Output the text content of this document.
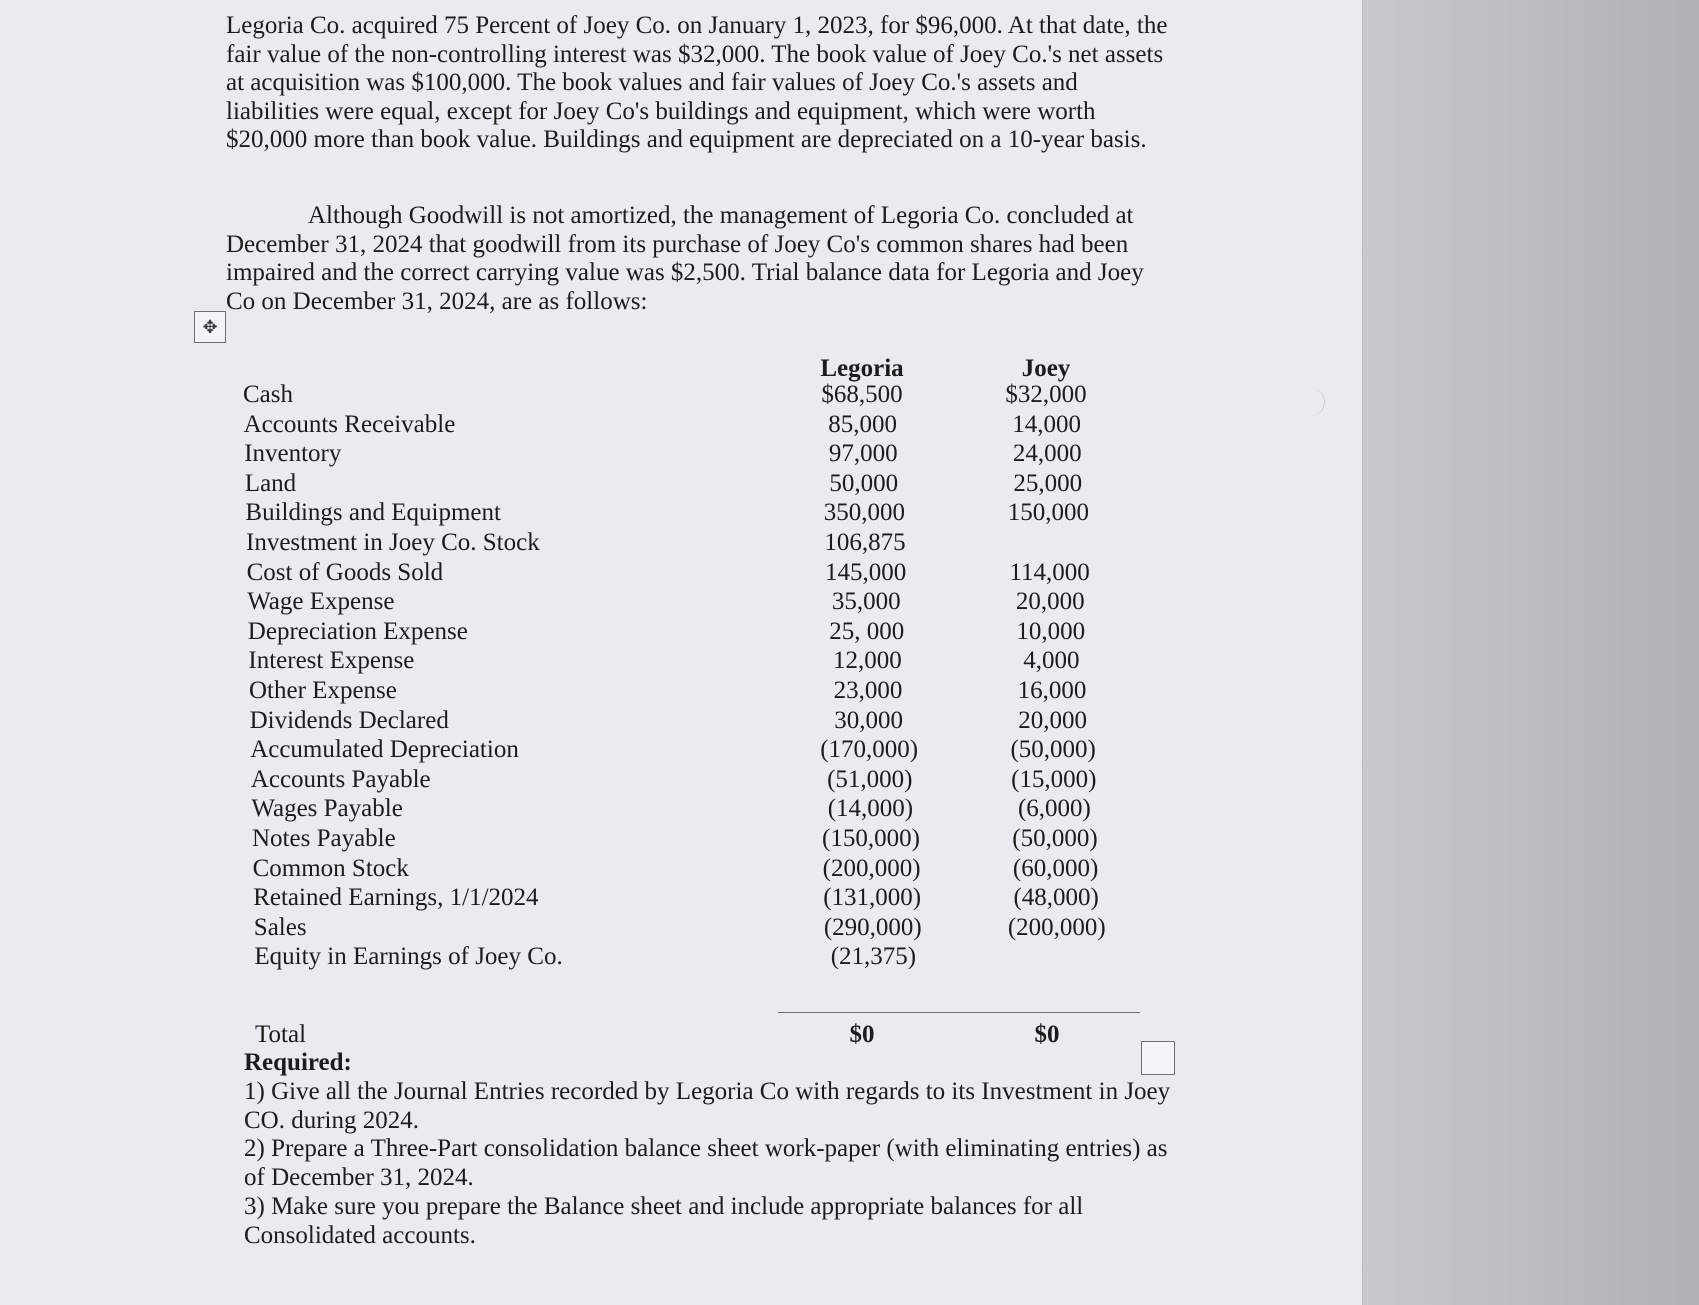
Legoria Co. acquired 75 Percent of Joey Co. on January 1, 2023, for $96,000. At that date, the fair value of the non-controlling interest was $32,000. The book value of Joey Co.'s net assets at acquisition was $100,000. The book values and fair values of Joey Co.'s assets and liabilities were equal, except for Joey Co's buildings and equipment, which were worth $20,000 more than book value. Buildings and equipment are depreciated on a 10-year basis.

Although Goodwill is not amortized, the management of Legoria Co. concluded at December 31, 2024 that goodwill from its purchase of Joey Co's common shares had been impaired and the correct carrying value was $2,500. Trial balance data for Legoria and Joey Co on December 31, 2024, are as follows:

✥
Legoria	Joey
Cash	$68,500	$32,000
Accounts Receivable	85,000	14,000
Inventory	97,000	24,000
Land	50,000	25,000
Buildings and Equipment	350,000	150,000
Investment in Joey Co. Stock	106,875
Cost of Goods Sold	145,000	114,000
Wage Expense	35,000	20,000
Depreciation Expense	25, 000	10,000
Interest Expense	12,000	4,000
Other Expense	23,000	16,000
Dividends Declared	30,000	20,000
Accumulated Depreciation	(170,000)	(50,000)
Accounts Payable	(51,000)	(15,000)
Wages Payable	(14,000)	(6,000)
Notes Payable	(150,000)	(50,000)
Common Stock	(200,000)	(60,000)
Retained Earnings, 1/1/2024	(131,000)	(48,000)
Sales	(290,000)	(200,000)
Equity in Earnings of Joey Co.	(21,375)
Total	$0	$0
Required:

1) Give all the Journal Entries recorded by Legoria Co with regards to its Investment in Joey CO. during 2024.

2) Prepare a Three-Part consolidation balance sheet work-paper (with eliminating entries) as of December 31, 2024.

3) Make sure you prepare the Balance sheet and include appropriate balances for all Consolidated accounts.
